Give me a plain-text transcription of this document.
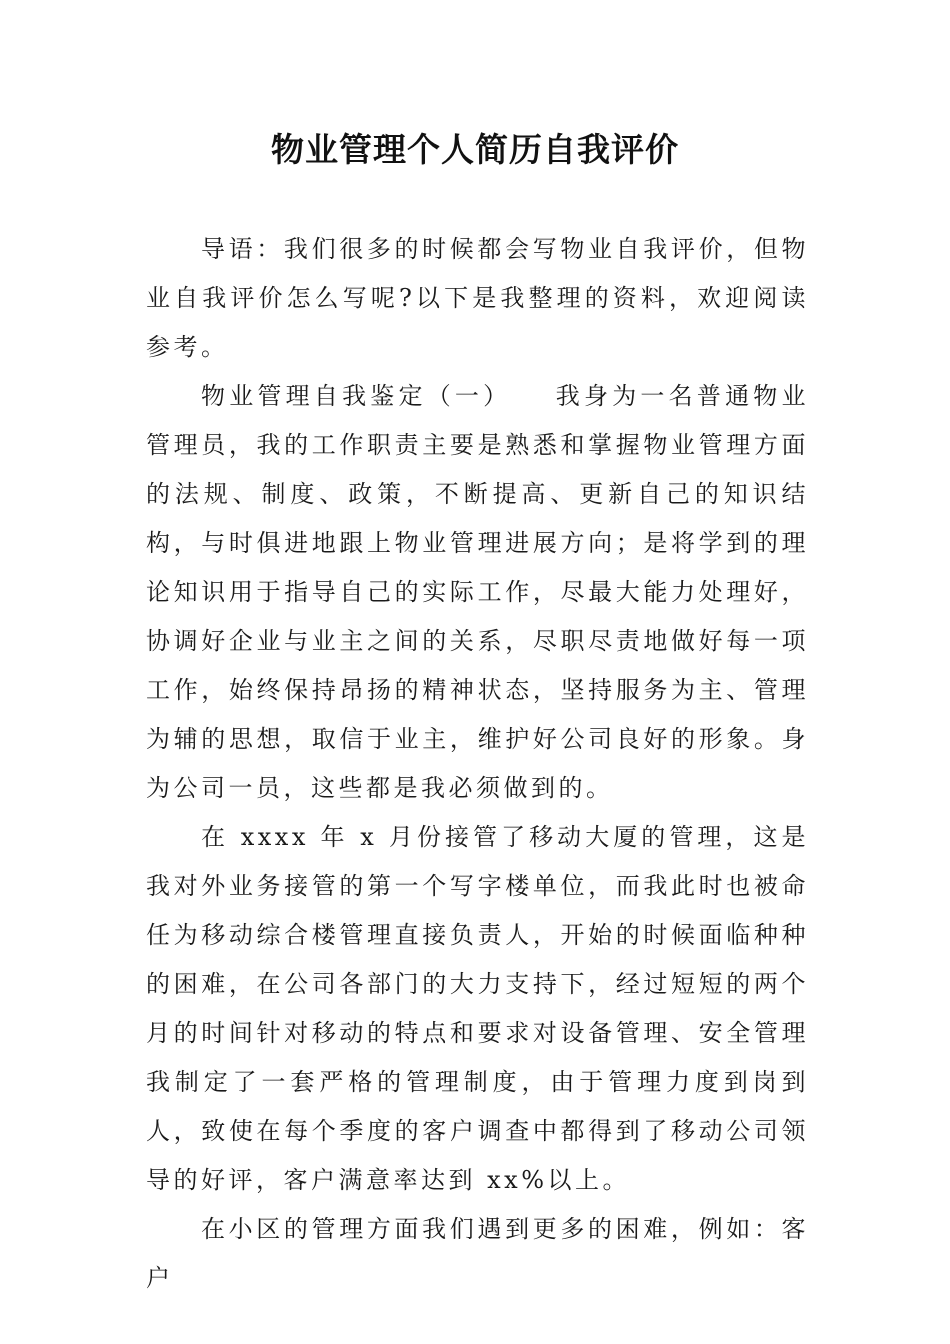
物业管理个人简历自我评价

导语：我们很多的时候都会写物业自我评价，但物业自我评价怎么写呢?以下是我整理的资料，欢迎阅读参考。

物业管理自我鉴定（一）　　我身为一名普通物业管理员，我的工作职责主要是熟悉和掌握物业管理方面的法规、制度、政策，不断提高、更新自己的知识结构，与时俱进地跟上物业管理进展方向；是将学到的理论知识用于指导自己的实际工作，尽最大能力处理好，协调好企业与业主之间的关系，尽职尽责地做好每一项工作，始终保持昂扬的精神状态，坚持服务为主、管理为辅的思想，取信于业主，维护好公司良好的形象。身为公司一员，这些都是我必须做到的。

在 xxxx 年 x 月份接管了移动大厦的管理，这是我对外业务接管的第一个写字楼单位，而我此时也被命任为移动综合楼管理直接负责人，开始的时候面临种种的困难，在公司各部门的大力支持下，经过短短的两个月的时间针对移动的特点和要求对设备管理、安全管理我制定了一套严格的管理制度，由于管理力度到岗到人，致使在每个季度的客户调查中都得到了移动公司领导的好评，客户满意率达到 xx%以上。

在小区的管理方面我们遇到更多的困难，例如：客户
